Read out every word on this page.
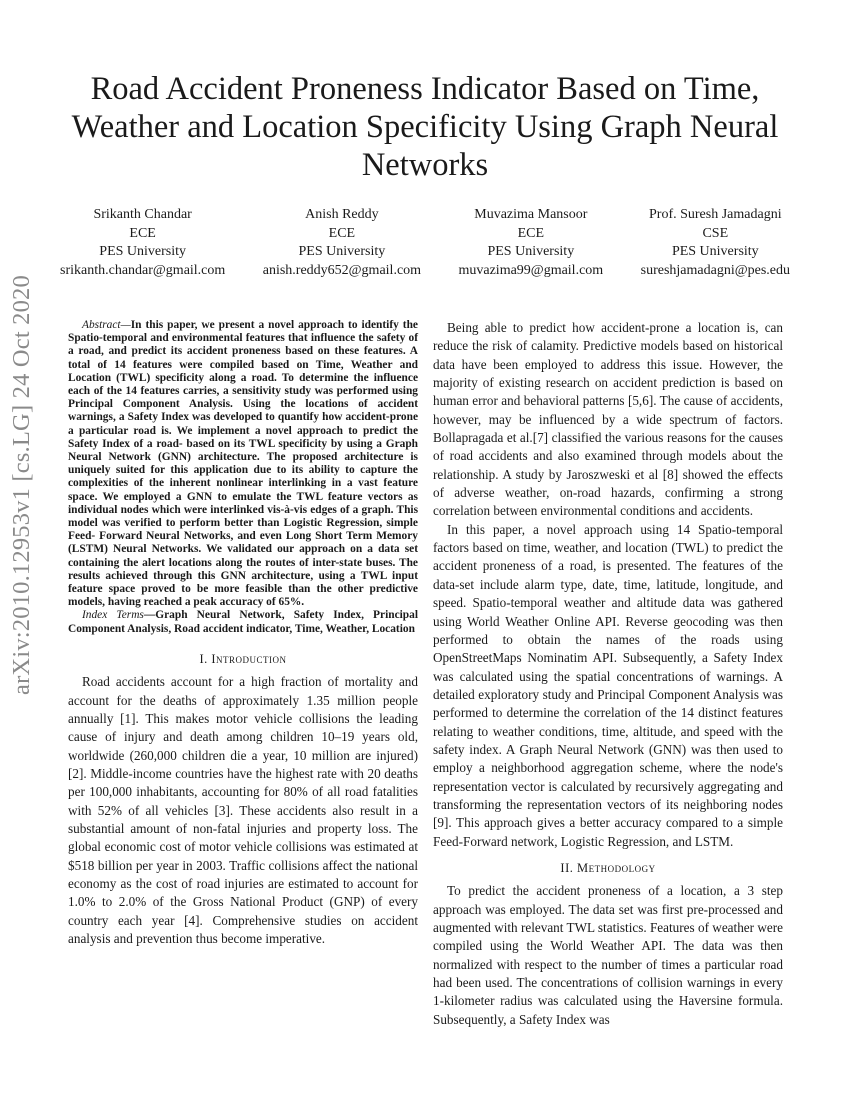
arXiv:2010.12953v1 [cs.LG] 24 Oct 2020
Road Accident Proneness Indicator Based on Time, Weather and Location Specificity Using Graph Neural Networks
Srikanth Chandar
ECE
PES University
srikanth.chandar@gmail.com
Anish Reddy
ECE
PES University
anish.reddy652@gmail.com
Muvazima Mansoor
ECE
PES University
muvazima99@gmail.com
Prof. Suresh Jamadagni
CSE
PES University
sureshjamadagni@pes.edu

Abstract—In this paper, we present a novel approach to identify the Spatio-temporal and environmental features that influence the safety of a road, and predict its accident proneness based on these features. A total of 14 features were compiled based on Time, Weather and Location (TWL) specificity along a road. To determine the influence each of the 14 features carries, a sensitivity study was performed using Principal Component Analysis. Using the locations of accident warnings, a Safety Index was developed to quantify how accident-prone a particular road is. We implement a novel approach to predict the Safety Index of a road- based on its TWL specificity by using a Graph Neural Network (GNN) architecture. The proposed architecture is uniquely suited for this application due to its ability to capture the complexities of the inherent nonlinear interlinking in a vast feature space. We employed a GNN to emulate the TWL feature vectors as individual nodes which were interlinked vis-à-vis edges of a graph. This model was verified to perform better than Logistic Regression, simple Feed- Forward Neural Networks, and even Long Short Term Memory (LSTM) Neural Networks. We validated our approach on a data set containing the alert locations along the routes of inter-state buses. The results achieved through this GNN architecture, using a TWL input feature space proved to be more feasible than the other predictive models, having reached a peak accuracy of 65%.

Index Terms—Graph Neural Network, Safety Index, Principal Component Analysis, Road accident indicator, Time, Weather, Location

I. Introduction

Road accidents account for a high fraction of mortality and account for the deaths of approximately 1.35 million people annually [1]. This makes motor vehicle collisions the leading cause of injury and death among children 10–19 years old, worldwide (260,000 children die a year, 10 million are injured) [2]. Middle-income countries have the highest rate with 20 deaths per 100,000 inhabitants, accounting for 80% of all road fatalities with 52% of all vehicles [3]. These accidents also result in a substantial amount of non-fatal injuries and property loss. The global economic cost of motor vehicle collisions was estimated at $518 billion per year in 2003. Traffic collisions affect the national economy as the cost of road injuries are estimated to account for 1.0% to 2.0% of the Gross National Product (GNP) of every country each year [4]. Comprehensive studies on accident analysis and prevention thus become imperative.

Being able to predict how accident-prone a location is, can reduce the risk of calamity. Predictive models based on historical data have been employed to address this issue. However, the majority of existing research on accident prediction is based on human error and behavioral patterns [5,6]. The cause of accidents, however, may be influenced by a wide spectrum of factors. Bollapragada et al.[7] classified the various reasons for the causes of road accidents and also examined through models about the relationship. A study by Jaroszweski et al [8] showed the effects of adverse weather, on-road hazards, confirming a strong correlation between environmental conditions and accidents.

In this paper, a novel approach using 14 Spatio-temporal factors based on time, weather, and location (TWL) to predict the accident proneness of a road, is presented. The features of the data-set include alarm type, date, time, latitude, longitude, and speed. Spatio-temporal weather and altitude data was gathered using World Weather Online API. Reverse geocoding was then performed to obtain the names of the roads using OpenStreetMaps Nominatim API. Subsequently, a Safety Index was calculated using the spatial concentrations of warnings. A detailed exploratory study and Principal Component Analysis was performed to determine the correlation of the 14 distinct features relating to weather conditions, time, altitude, and speed with the safety index. A Graph Neural Network (GNN) was then used to employ a neighborhood aggregation scheme, where the node's representation vector is calculated by recursively aggregating and transforming the representation vectors of its neighboring nodes [9]. This approach gives a better accuracy compared to a simple Feed-Forward network, Logistic Regression, and LSTM.

II. Methodology

To predict the accident proneness of a location, a 3 step approach was employed. The data set was first pre-processed and augmented with relevant TWL statistics. Features of weather were compiled using the World Weather API. The data was then normalized with respect to the number of times a particular road had been used. The concentrations of collision warnings in every 1-kilometer radius was calculated using the Haversine formula. Subsequently, a Safety Index was
